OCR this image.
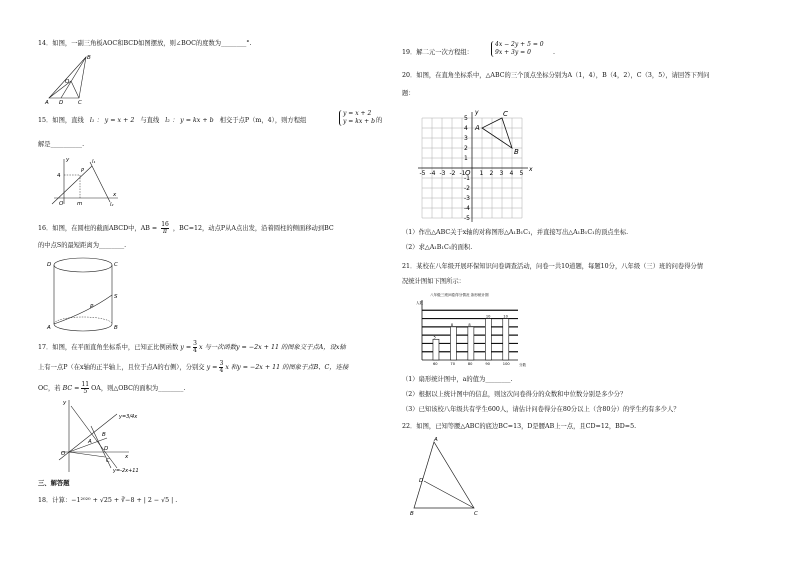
14．如图，一副三角板AOC和BCD如图摆放，则∠BOC的度数为________°.
B
O
A D	C
15．如图，直线 l₁ ： y = x + 2 与直线 l₂ ： y = kx + b 相交于点P（m，4），则方程组
y = x + 2
y = kx + b 的
解是__________.
y
4
O m
x
l₁
l₂
P
16．如图，在圆柱的截面ABCD中，AB = $\frac{16}{\pi}$ ，BC=12，动点P从A点出发，沿着圆柱的侧面移动到BC
的中点S的最短距离为________.
D	C
A	B
P
S
17．如图，在平面直角坐标系中，已知正比例函数 $y = \frac{3}{4}$ x 与一次函数y = −2x + 11 的图象交于点A，设x轴
上有一点P（在x轴的正半轴上，且位于点A的右侧），分别交 $y = \frac{3}{4}$ x 和y = −2x + 11 的图象于点B、C，连接
OC，若 BC = $\frac{11}{5}$ OA，则△OBC的面积为________.
y
O
A
B
C
D
x
y=3/4x
y=-2x+11
三、解答题
18．计算：−1²⁰²⁰ + √25 + ∛−8 + | 2 − √5 | .
19．解二元一次方程组：
4x − 2y + 5 = 0
9x + 3y = 0	.
20．如图，在直角坐标系中，△ABC的三个顶点坐标分别为A（1，4），B（4，2），C（3，5），请回答下列问
题：
-5 -4 -3 -2 -1 1 2 3 4 5
5
4
3
2
1
-1
-2
-3
-4
-5
O	x
y
A
B
C
（1）作出△ABC关于x轴的对称图形△A₁B₁C₁，并直接写出△A₁B₁C₁的顶点坐标.
（2）求△A₁B₁C₁的面积.
21．某校在八年级开展环保知识问卷调查活动，问卷一共10道题，每题10分，八年级（三）班的问卷得分情
况统计图如下图所示：
八年级三班问卷得分情况 条形统计图
人数
分数
5
60
8
70
8
80
10
90
10
100
（1）扇形统计图中，a的值为________.
（2）根据以上统计图中的信息，则这次问卷得分的众数和中位数分别是多少分？
（3）已知该校八年级共有学生600人，请估计问卷得分在80分以上（含80分）的学生约有多少人？
22．如图，已知等腰△ABC的底边BC=13，D是腰AB上一点，且CD=12，BD=5.
A
D
B	C
